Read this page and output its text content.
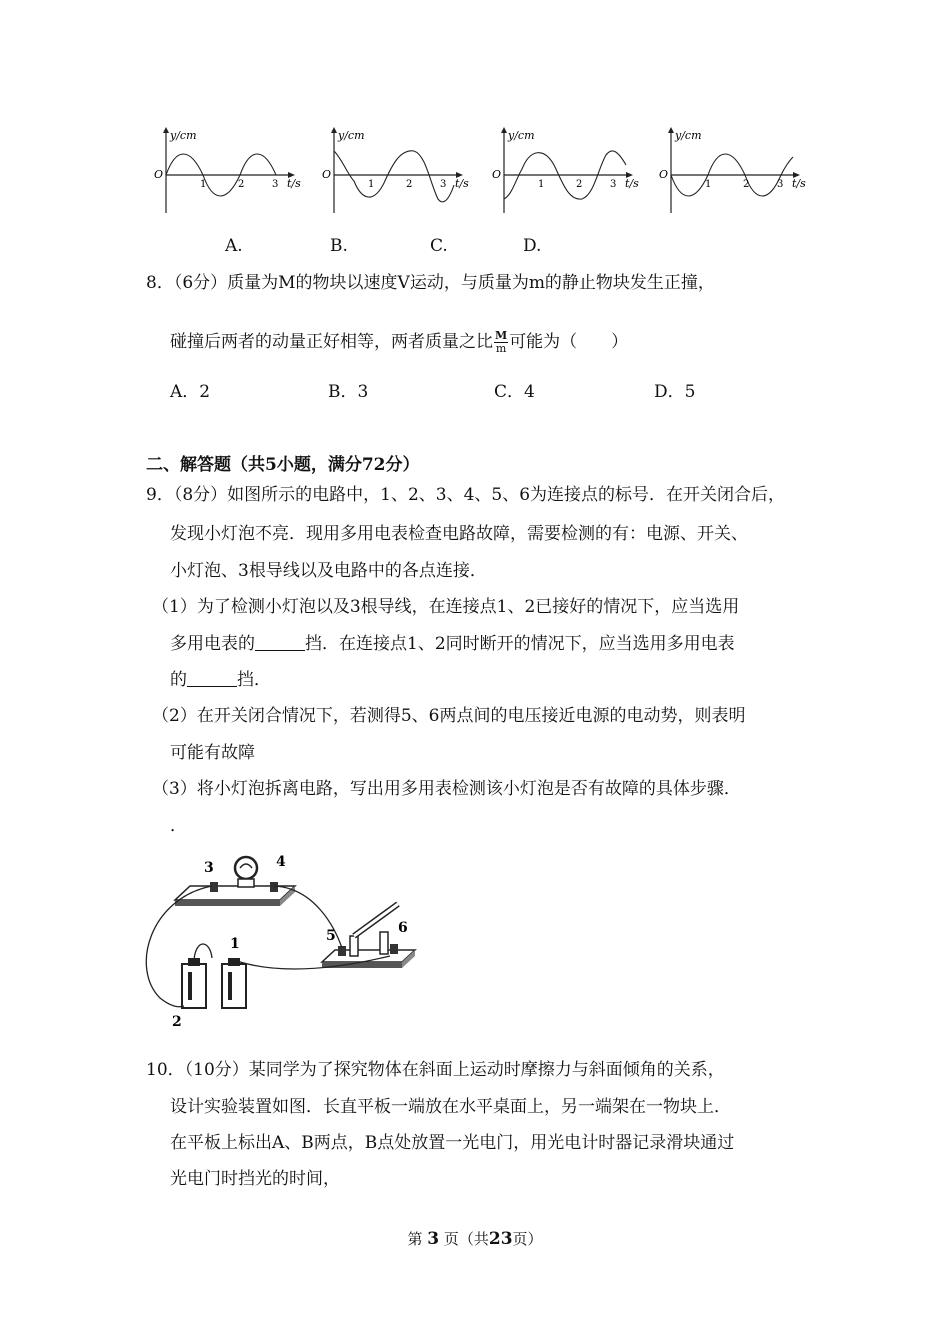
y/cm
O
t/s
1	2	3
y/cm
O
t/s
1	2	3
y/cm
O
t/s
1	2	3
y/cm
O
t/s
1	2	3
A.	B.	C.	D.
8．（6分）质量为M的物块以速度V运动，与质量为m的静止物块发生正撞，
碰撞后两者的动量正好相等，两者质量之比 $\frac{M}{m}$ 可能为（　　）
A．2	B．3	C．4	D．5
二、解答题（共5小题，满分72分）
9．（8分）如图所示的电路中，1、2、3、4、5、6为连接点的标号．在开关闭合后，
发现小灯泡不亮．现用多用电表检查电路故障，需要检测的有：电源、开关、
小灯泡、3根导线以及电路中的各点连接．
（1）为了检测小灯泡以及3根导线，在连接点1、2已接好的情况下，应当选用
多用电表的	挡．在连接点1、2同时断开的情况下，应当选用多用电表
的	挡．
（2）在开关闭合情况下，若测得5、6两点间的电压接近电源的电动势，则表明
可能有故障
（3）将小灯泡拆离电路，写出用多用表检测该小灯泡是否有故障的具体步骤．
．
3	4
5	6
1
2
10．（10分）某同学为了探究物体在斜面上运动时摩擦力与斜面倾角的关系，
设计实验装置如图．长直平板一端放在水平桌面上，另一端架在一物块上．
在平板上标出A、B两点，B点处放置一光电门，用光电计时器记录滑块通过
光电门时挡光的时间，
第 3 页（共23页）
